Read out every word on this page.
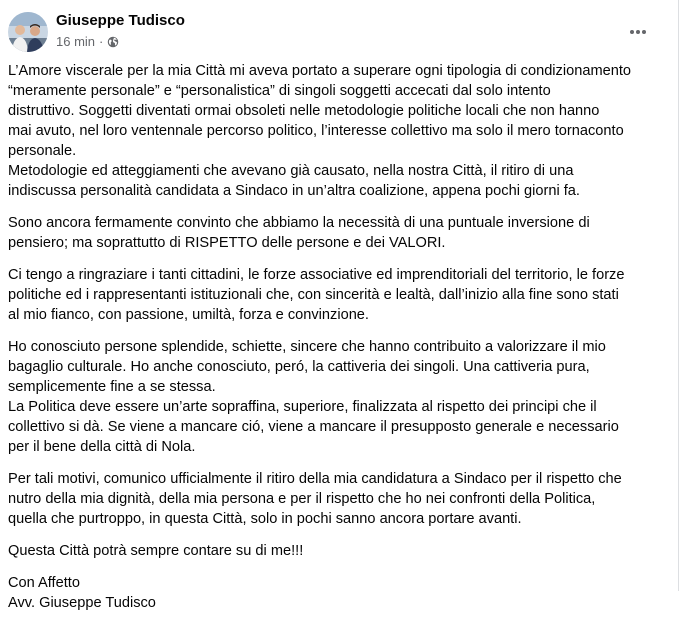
Giuseppe Tudisco
16 min ·

L’Amore viscerale per la mia Città mi aveva portato a superare ogni tipologia di condizionamento
“meramente personale” e “personalistica” di singoli soggetti accecati dal solo intento
distruttivo. Soggetti diventati ormai obsoleti nelle metodologie politiche locali che non hanno
mai avuto, nel loro ventennale percorso politico, l’interesse collettivo ma solo il mero tornaconto
personale.
Metodologie ed atteggiamenti che avevano già causato, nella nostra Città, il ritiro di una
indiscussa personalità candidata a Sindaco in un’altra coalizione, appena pochi giorni fa.

Sono ancora fermamente convinto che abbiamo la necessità di una puntuale inversione di
pensiero; ma soprattutto di RISPETTO delle persone e dei VALORI.

Ci tengo a ringraziare i tanti cittadini, le forze associative ed imprenditoriali del territorio, le forze
politiche ed i rappresentanti istituzionali che, con sincerità e lealtà, dall’inizio alla fine sono stati
al mio fianco, con passione, umiltà, forza e convinzione.

Ho conosciuto persone splendide, schiette, sincere che hanno contribuito a valorizzare il mio
bagaglio culturale. Ho anche conosciuto, peró, la cattiveria dei singoli. Una cattiveria pura,
semplicemente fine a se stessa.
La Politica deve essere un’arte sopraffina, superiore, finalizzata al rispetto dei principi che il
collettivo si dà. Se viene a mancare ció, viene a mancare il presupposto generale e necessario
per il bene della città di Nola.

Per tali motivi, comunico ufficialmente il ritiro della mia candidatura a Sindaco per il rispetto che
nutro della mia dignità, della mia persona e per il rispetto che ho nei confronti della Politica,
quella che purtroppo, in questa Città, solo in pochi sanno ancora portare avanti.

Questa Città potrà sempre contare su di me!!!

Con Affetto
Avv. Giuseppe Tudisco
